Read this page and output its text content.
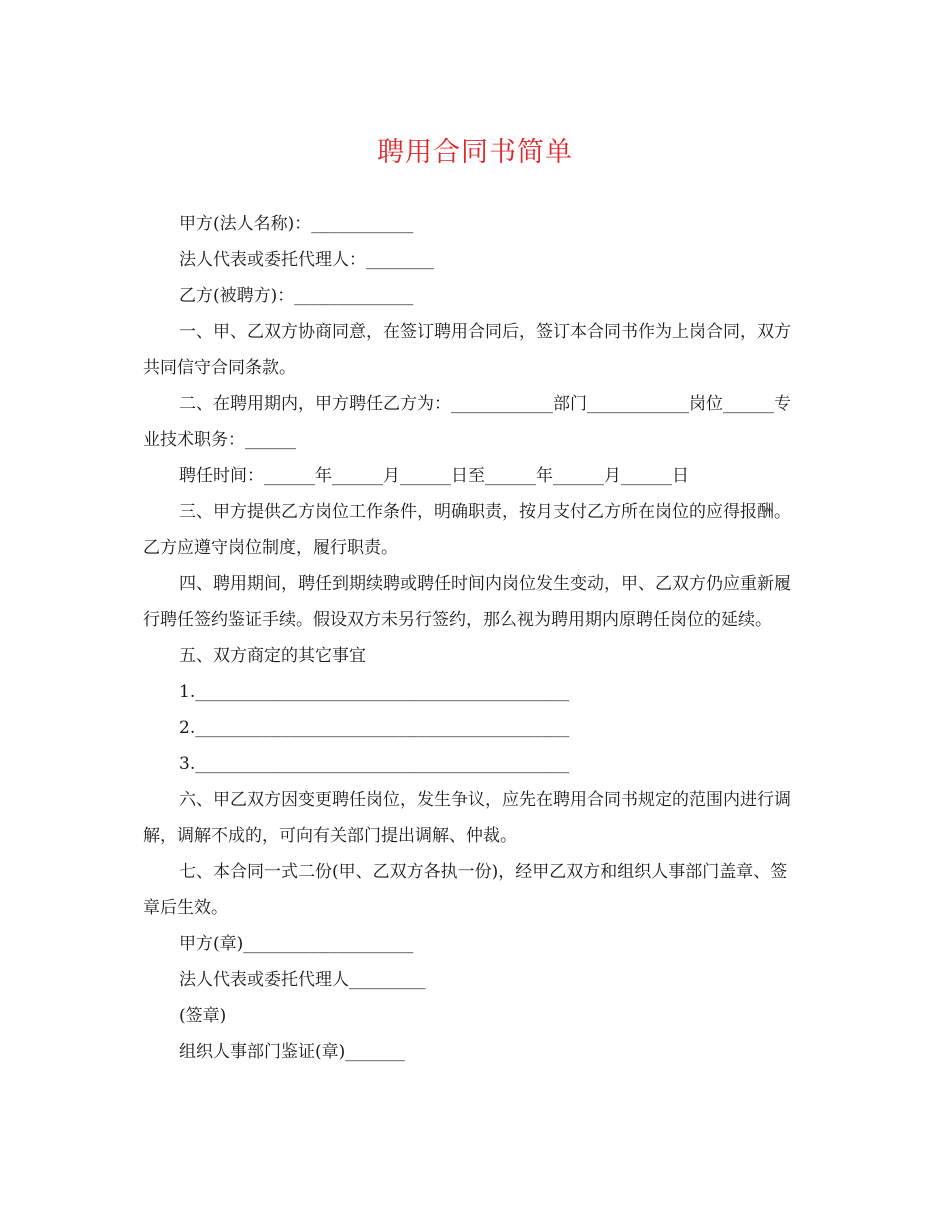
聘用合同书简单

甲方(法人名称)：____________

法人代表或委托代理人：________

乙方(被聘方)：______________

一、甲、乙双方协商同意，在签订聘用合同后，签订本合同书作为上岗合同，双方共同信守合同条款。

二、在聘用期内，甲方聘任乙方为：____________部门____________岗位______专业技术职务：______

聘任时间：______年______月______日至______年______月______日

三、甲方提供乙方岗位工作条件，明确职责，按月支付乙方所在岗位的应得报酬。乙方应遵守岗位制度，履行职责。

四、聘用期间，聘任到期续聘或聘任时间内岗位发生变动，甲、乙双方仍应重新履行聘任签约鉴证手续。假设双方未另行签约，那么视为聘用期内原聘任岗位的延续。

五、双方商定的其它事宜

1.____________________________________________

2.____________________________________________

3.____________________________________________

六、甲乙双方因变更聘任岗位，发生争议，应先在聘用合同书规定的范围内进行调解，调解不成的，可向有关部门提出调解、仲裁。

七、本合同一式二份(甲、乙双方各执一份)，经甲乙双方和组织人事部门盖章、签章后生效。

甲方(章)____________________

法人代表或委托代理人_________

(签章)

组织人事部门鉴证(章)_______
